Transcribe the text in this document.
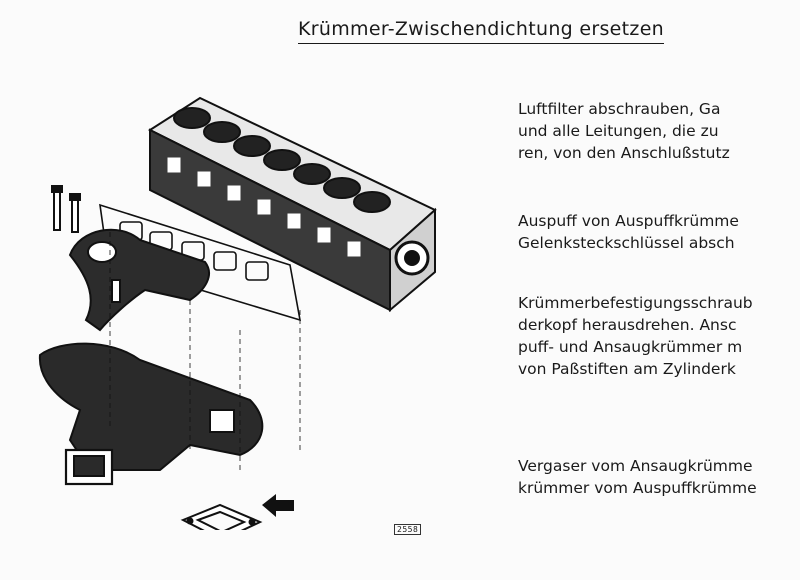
Krümmer-Zwischendichtung ersetzen
Luftfilter abschrauben, Ga
und alle Leitungen, die zu
ren, von den Anschlußstutz
Auspuff von Auspuffkrümme
Gelenksteckschlüssel absch
Krümmerbefestigungsschraub
derkopf herausdrehen. Ansc
puff- und Ansaugkrümmer m
von Paßstiften am Zylinderk
Vergaser vom Ansaugkrümme
krümmer vom Auspuffkrümme
2558
